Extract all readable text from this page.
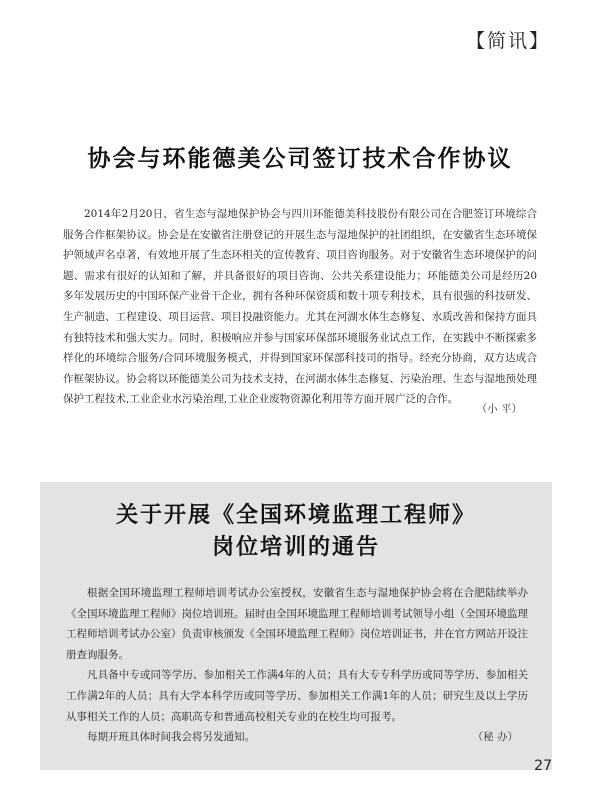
【简讯】
协会与环能德美公司签订技术合作协议

2014年2月20日，省生态与湿地保护协会与四川环能德美科技股份有限公司在合肥签订环境综合服务合作框架协议。协会是在安徽省注册登记的开展生态与湿地保护的社团组织，在安徽省生态环境保护领域声名卓著，有效地开展了生态环相关的宣传教育、项目咨询服务。对于安徽省生态环境保护的问题、需求有很好的认知和了解，并具备很好的项目咨询、公共关系建设能力；环能德美公司是经历20多年发展历史的中国环保产业骨干企业，拥有各种环保资质和数十项专利技术，具有很强的科技研发、生产制造、工程建设、项目运营、项目投融资能力。尤其在河湖水体生态修复、水质改善和保持方面具有独特技术和强大实力。同时，积极响应并参与国家环保部环境服务业试点工作，在实践中不断探索多样化的环境综合服务/合同环境服务模式，并得到国家环保部科技司的指导。经充分协商，双方达成合作框架协议。协会将以环能德美公司为技术支持，在河湖水体生态修复、污染治理、生态与湿地预处理保护工程技术,工业企业水污染治理,工业企业废物资源化利用等方面开展广泛的合作。

（小 平）
关于开展《全国环境监理工程师》
岗位培训的通告

根据全国环境监理工程师培训考试办公室授权，安徽省生态与湿地保护协会将在合肥陆续举办《全国环境监理工程师》岗位培训班。届时由全国环境监理工程师培训考试领导小组（全国环境监理工程师培训考试办公室）负责审核颁发《全国环境监理工程师》岗位培训证书，并在官方网站开设注册查询服务。

凡具备中专或同等学历、参加相关工作满4年的人员；具有大专专科学历或同等学历、参加相关工作满2年的人员；具有大学本科学历或同等学历、参加相关工作满1年的人员；研究生及以上学历从事相关工作的人员；高职高专和普通高校相关专业的在校生均可报考。

每期开班具体时间我会将另发通知。	（秘 办）
27
